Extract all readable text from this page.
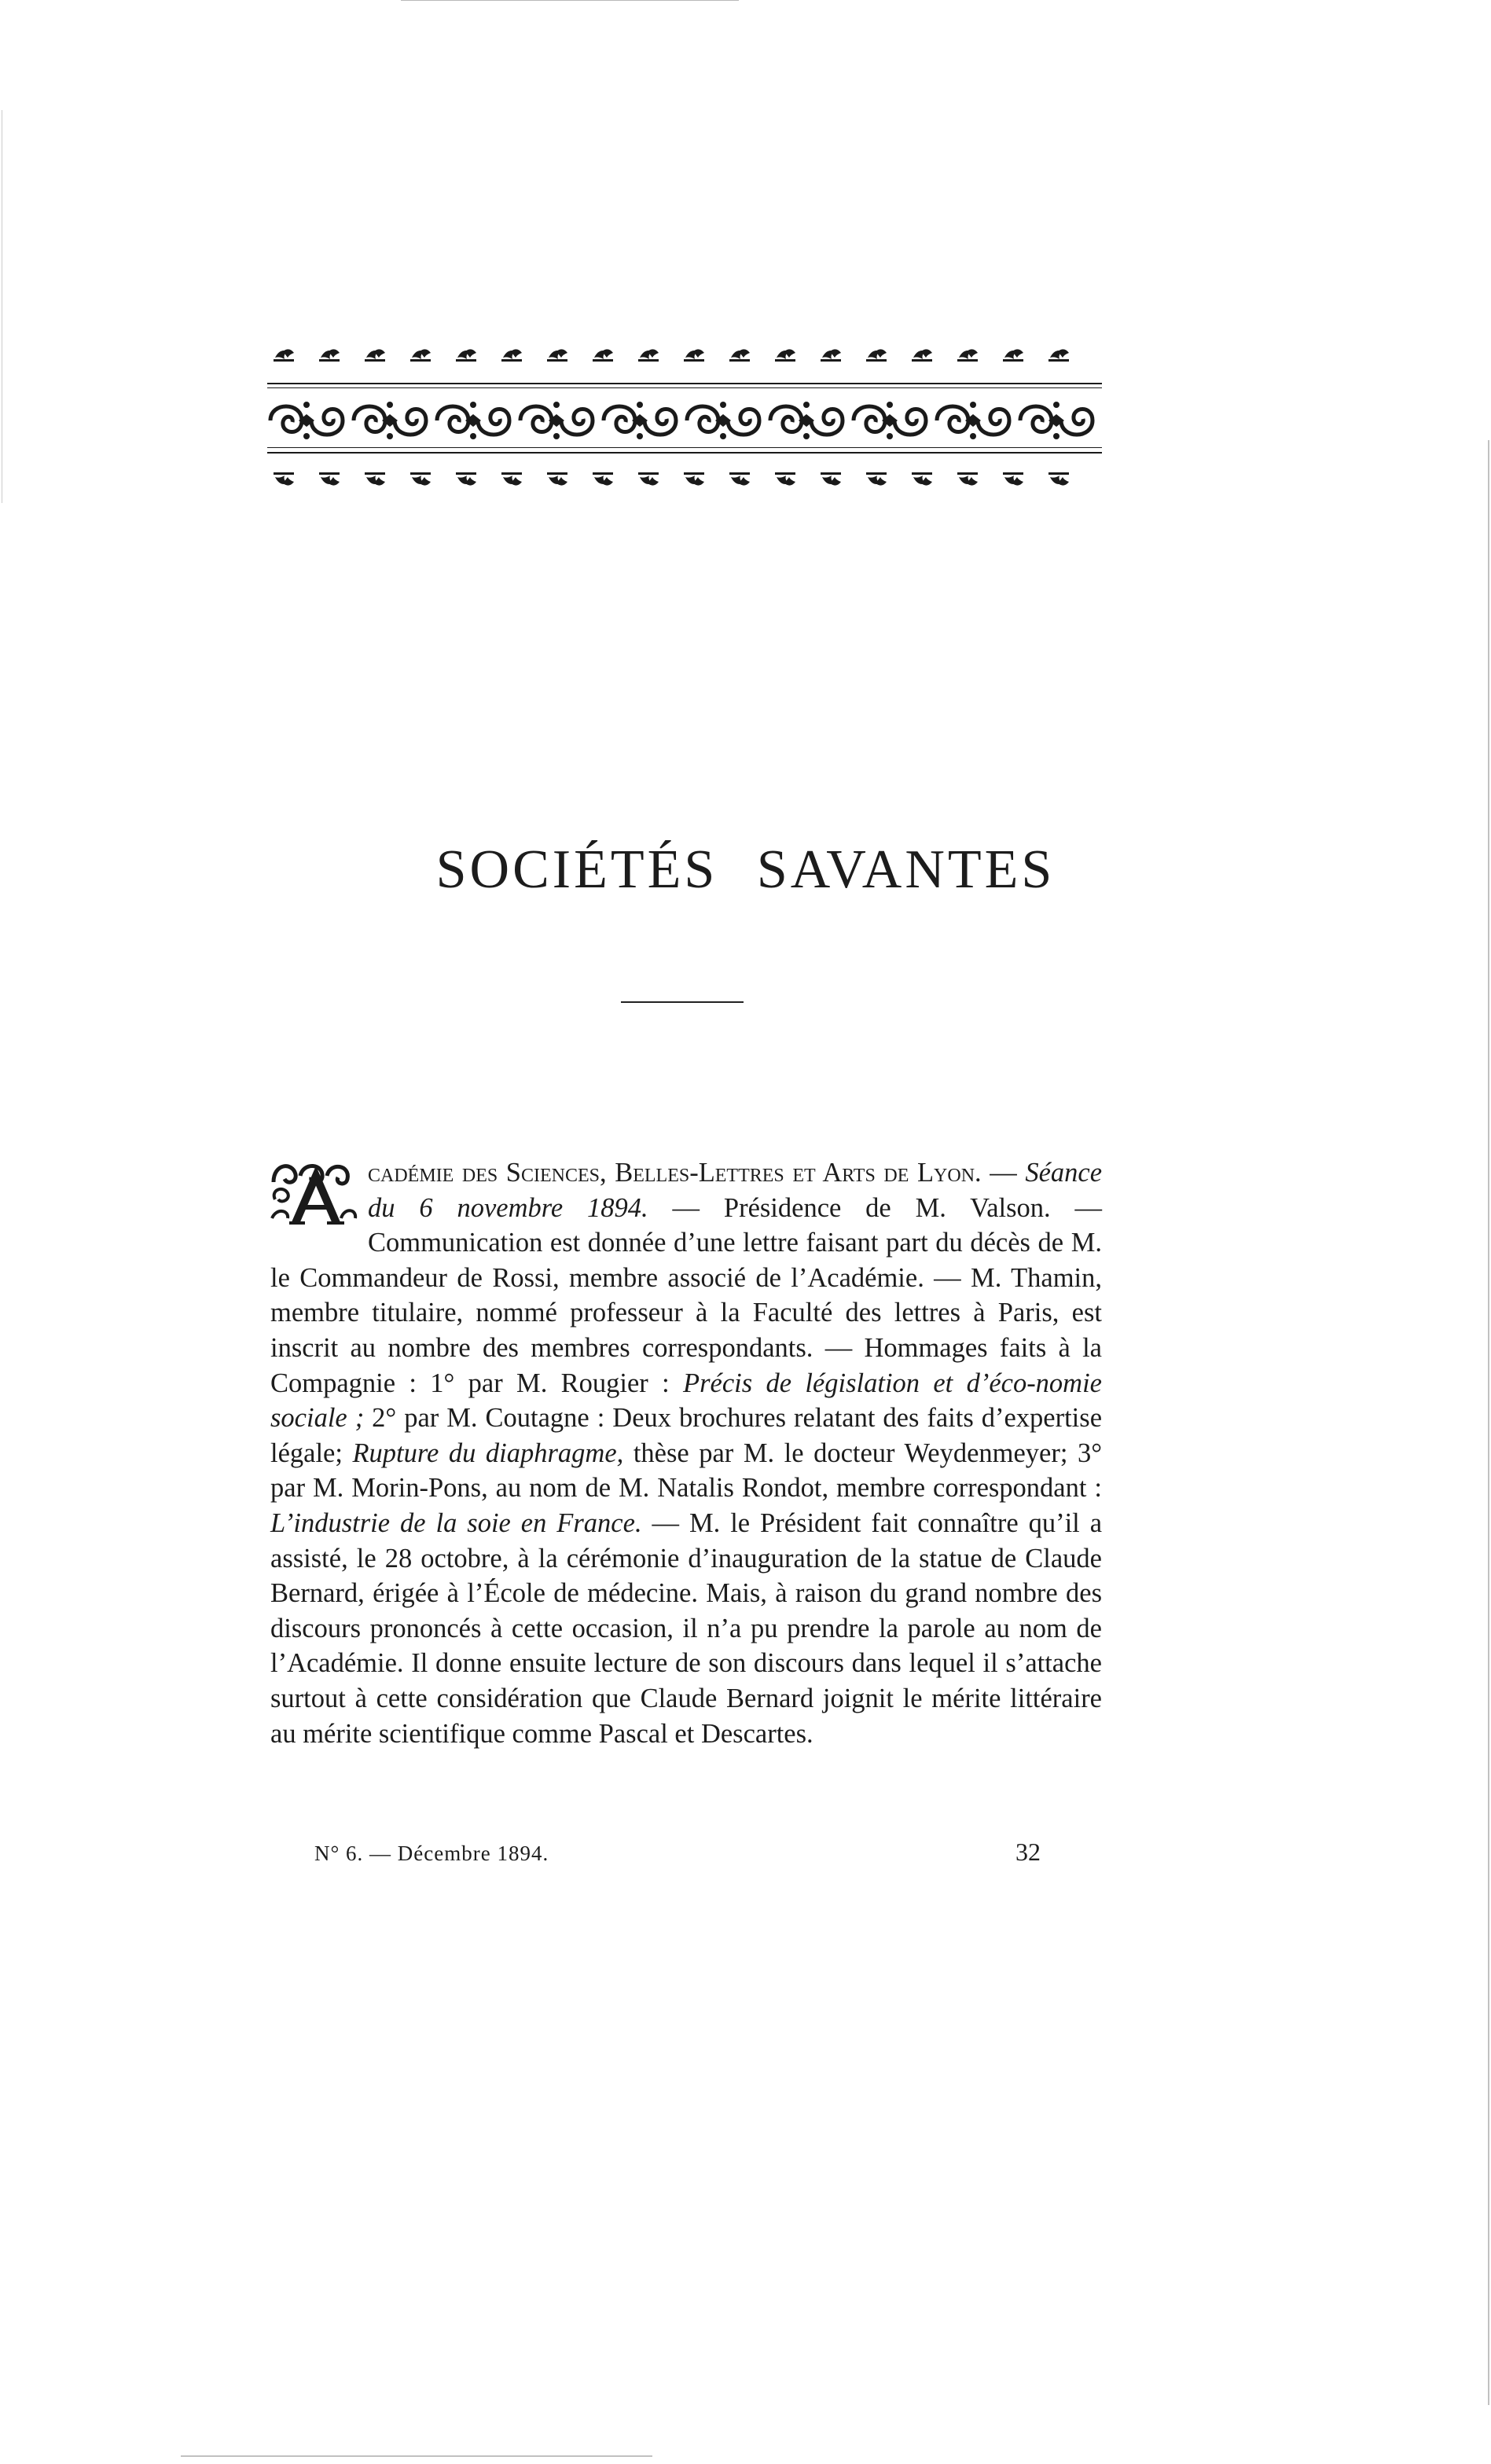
SOCIÉTÉS SAVANTES
cadémie des Sciences, Belles-Lettres et Arts de Lyon. — Séance du 6 novembre 1894. — Présidence de M. Valson. — Communication est donnée d’une lettre faisant part du décès de M. le Commandeur de Rossi, membre associé de l’Académie. — M. Thamin, membre titulaire, nommé professeur à la Faculté des lettres à Paris, est inscrit au nombre des membres correspondants. — Hommages faits à la Compagnie : 1° par M. Rougier : Précis de législation et d’éco-nomie sociale ; 2° par M. Coutagne : Deux brochures relatant des faits d’expertise légale; Rupture du diaphragme, thèse par M. le docteur Weydenmeyer; 3° par M. Morin-Pons, au nom de M. Natalis Rondot, membre correspondant : L’industrie de la soie en France. — M. le Président fait connaître qu’il a assisté, le 28 octobre, à la cérémonie d’inauguration de la statue de Claude Bernard, érigée à l’École de médecine. Mais, à raison du grand nombre des discours prononcés à cette occasion, il n’a pu prendre la parole au nom de l’Académie. Il donne ensuite lecture de son discours dans lequel il s’attache surtout à cette considération que Claude Bernard joignit le mérite littéraire au mérite scientifique comme Pascal et Descartes.
N° 6. — Décembre 1894.	32
